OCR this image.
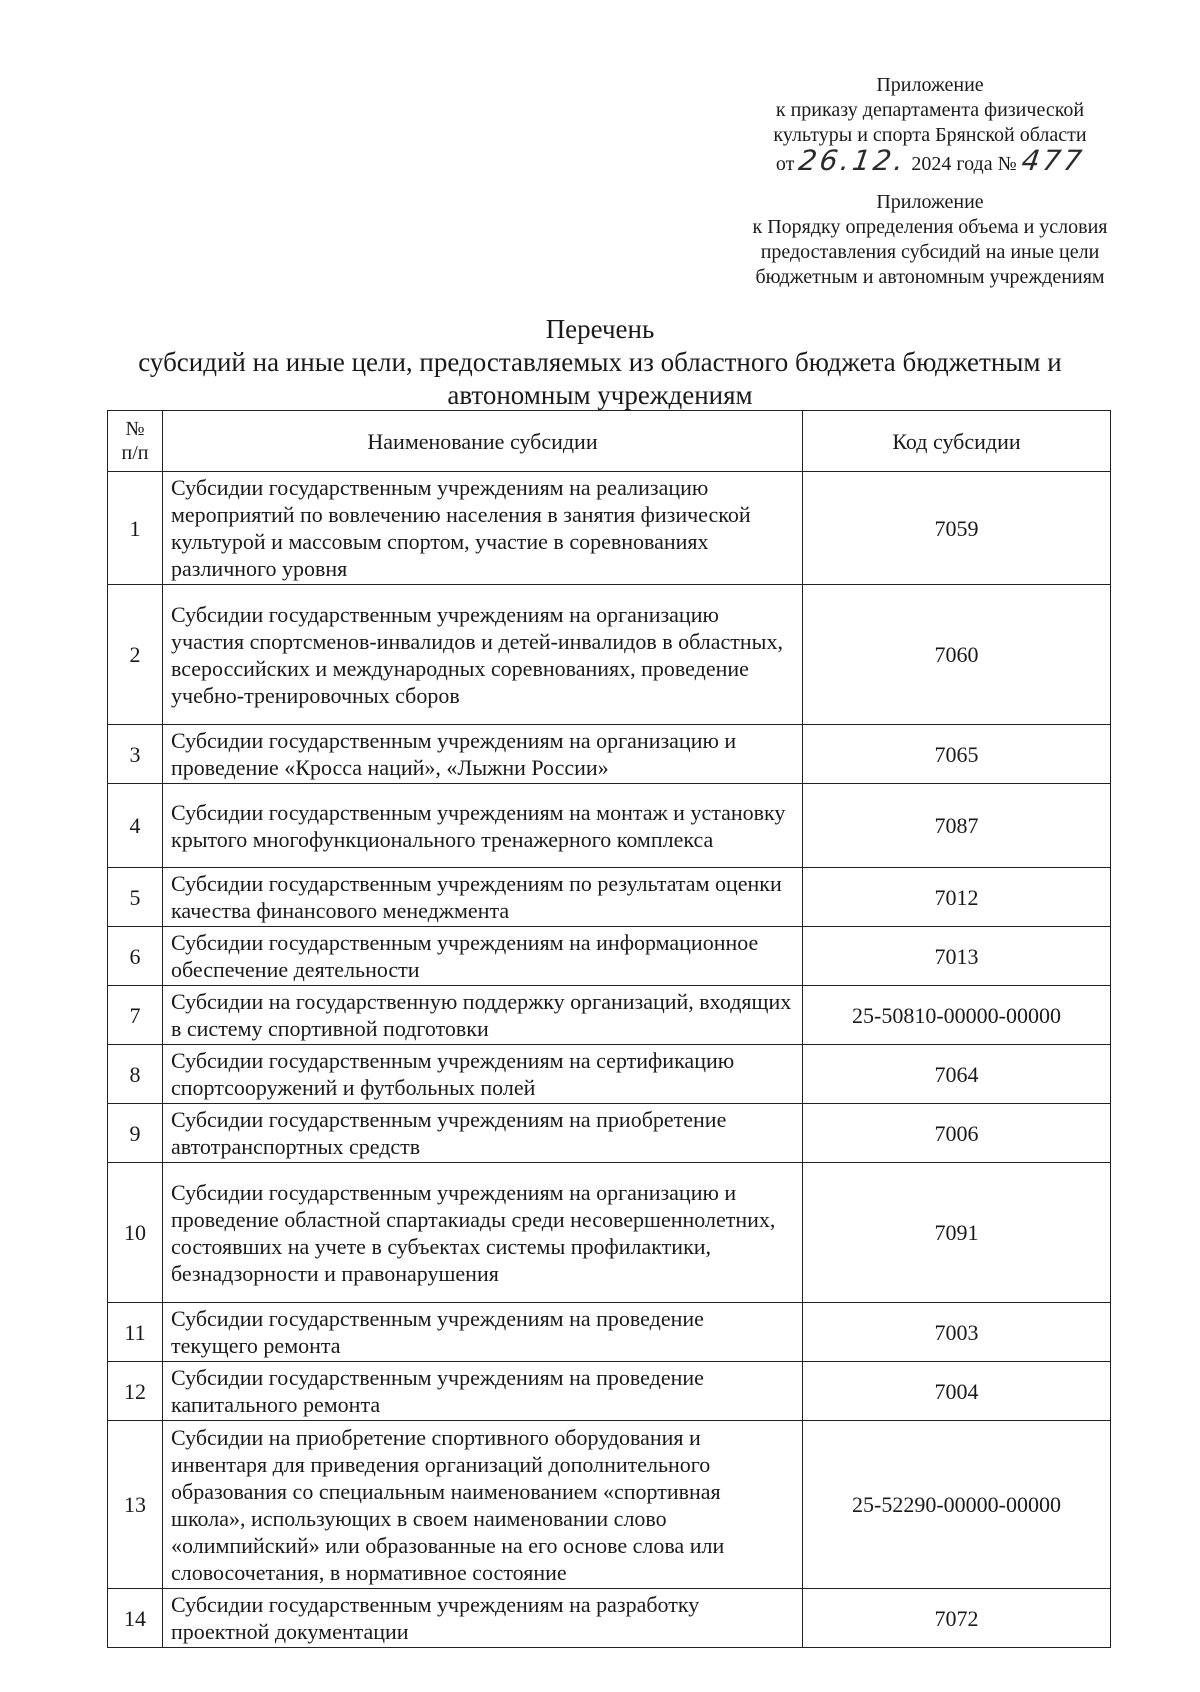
Приложение
к приказу департамента физической
культуры и спорта Брянской области
от 26.12. 2024 года № 477
Приложение
к Порядку определения объема и условия
предоставления субсидий на иные цели
бюджетным и автономным учреждениям
Перечень
субсидий на иные цели, предоставляемых из областного бюджета бюджетным и
автономным учреждениям
№
п/п	Наименование субсидии	Код субсидии
1	Субсидии государственным учреждениям на реализацию мероприятий по вовлечению населения в занятия физической культурой и массовым спортом, участие в соревнованиях различного уровня	7059
2	Субсидии государственным учреждениям на организацию участия спортсменов-инвалидов и детей-инвалидов в областных, всероссийских и международных соревнованиях, проведение учебно-тренировочных сборов	7060
3	Субсидии государственным учреждениям на организацию и проведение «Кросса наций», «Лыжни России»	7065
4	Субсидии государственным учреждениям на монтаж и установку крытого многофункционального тренажерного комплекса	7087
5	Субсидии государственным учреждениям по результатам оценки качества финансового менеджмента	7012
6	Субсидии государственным учреждениям на информационное обеспечение деятельности	7013
7	Субсидии на государственную поддержку организаций, входящих в систему спортивной подготовки	25-50810-00000-00000
8	Субсидии государственным учреждениям на сертификацию спортсооружений и футбольных полей	7064
9	Субсидии государственным учреждениям на приобретение автотранспортных средств	7006
10	Субсидии государственным учреждениям на организацию и проведение областной спартакиады среди несовершеннолетних, состоявших на учете в субъектах системы профилактики, безнадзорности и правонарушения	7091
11	Субсидии государственным учреждениям на проведение текущего ремонта	7003
12	Субсидии государственным учреждениям на проведение капитального ремонта	7004
13	Субсидии на приобретение спортивного оборудования и инвентаря для приведения организаций дополнительного образования со специальным наименованием «спортивная школа», использующих в своем наименовании слово «олимпийский» или образованные на его основе слова или словосочетания, в нормативное состояние	25-52290-00000-00000
14	Субсидии государственным учреждениям на разработку проектной документации	7072
